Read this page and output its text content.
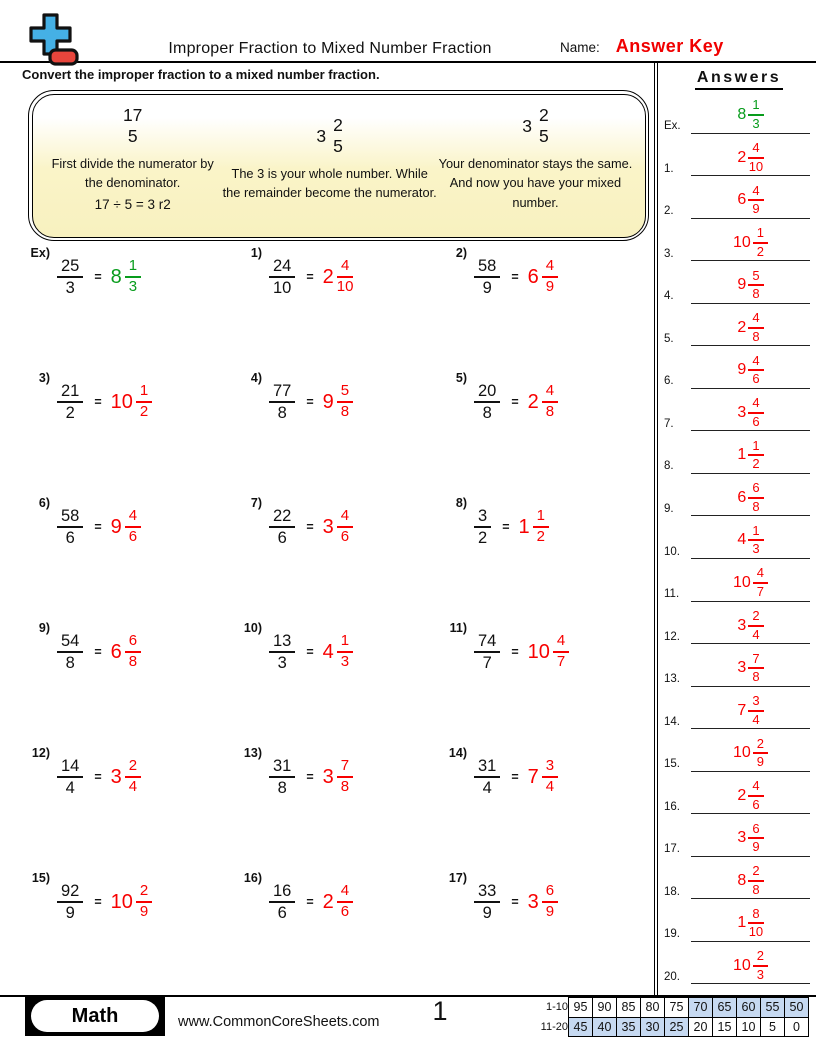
Improper Fraction to Mixed Number Fraction	Name: Answer Key
Convert the improper fraction to a mixed number fraction.
17
5
First divide the numerator by the denominator.
17 ÷ 5 = 3 r2
3
2
5
The 3 is your whole number. While the remainder become the numerator.
3
2
5
Your denominator stays the same. And now you have your mixed number.
Ex)
$\frac{25}{3} = 8 \frac{1}{3}$
1)
$\frac{24}{10} = 2 \frac{4}{10}$
2)
$\frac{58}{9} = 6 \frac{4}{9}$
3)
$\frac{21}{2} = 10 \frac{1}{2}$
4)
$\frac{77}{8} = 9 \frac{5}{8}$
5)
$\frac{20}{8} = 2 \frac{4}{8}$
6)
$\frac{58}{6} = 9 \frac{4}{6}$
7)
$\frac{22}{6} = 3 \frac{4}{6}$
8)
$\frac{3}{2} = 1 \frac{1}{2}$
9)
$\frac{54}{8} = 6 \frac{6}{8}$
10)
$\frac{13}{3} = 4 \frac{1}{3}$
11)
$\frac{74}{7} = 10 \frac{4}{7}$
12)
$\frac{14}{4} = 3 \frac{2}{4}$
13)
$\frac{31}{8} = 3 \frac{7}{8}$
14)
$\frac{31}{4} = 7 \frac{3}{4}$
15)
$\frac{92}{9} = 10 \frac{2}{9}$
16)
$\frac{16}{6} = 2 \frac{4}{6}$
17)
$\frac{33}{9} = 3 \frac{6}{9}$
Answers
Ex.
$8 \frac{1}{3}$
1.
$2 \frac{4}{10}$
2.
$6 \frac{4}{9}$
3.
$10 \frac{1}{2}$
4.
$9 \frac{5}{8}$
5.
$2 \frac{4}{8}$
6.
$9 \frac{4}{6}$
7.
$3 \frac{4}{6}$
8.
$1 \frac{1}{2}$
9.
$6 \frac{6}{8}$
10.
$4 \frac{1}{3}$
11.
$10 \frac{4}{7}$
12.
$3 \frac{2}{4}$
13.
$3 \frac{7}{8}$
14.
$7 \frac{3}{4}$
15.
$10 \frac{2}{9}$
16.
$2 \frac{4}{6}$
17.
$3 \frac{6}{9}$
18.
$8 \frac{2}{8}$
19.
$1 \frac{8}{10}$
20.
$10 \frac{2}{3}$
Math	www.CommonCoreSheets.com	1	1-10	95	90	85	80	75	70	65	60	55	50
11-20	45	40	35	30	25	20	15	10	5	0
